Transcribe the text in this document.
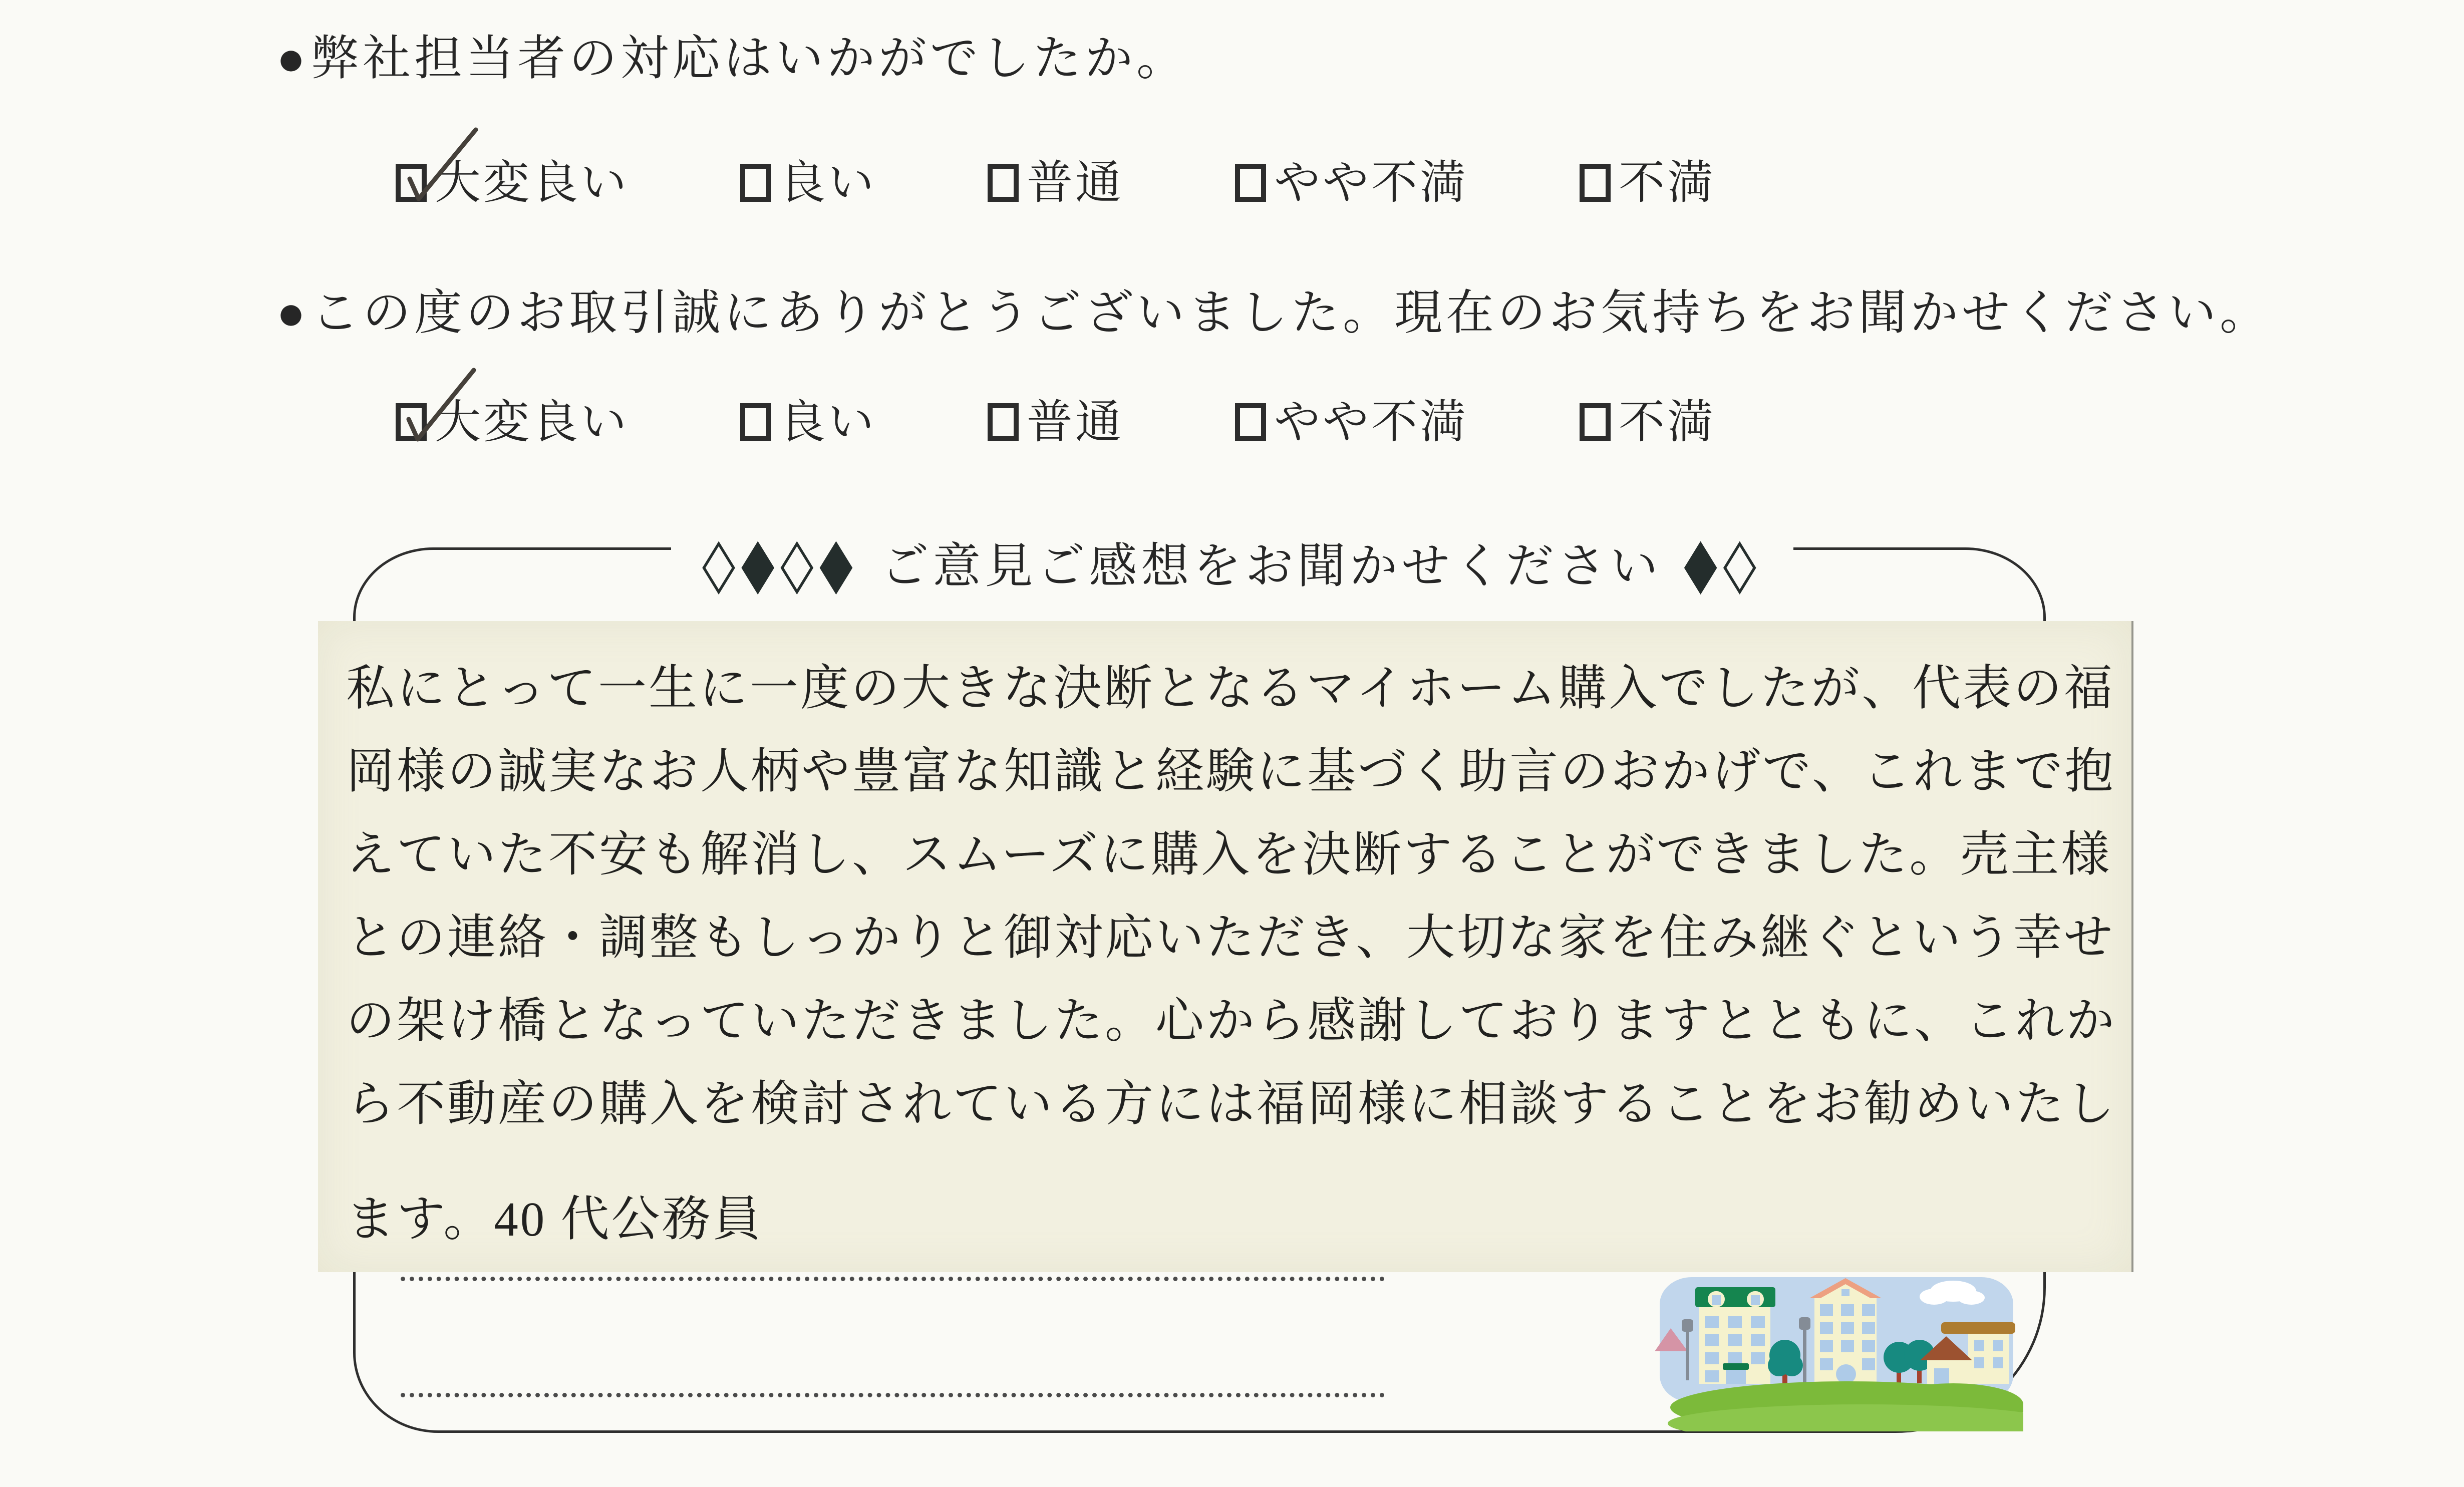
● 弊社担当者の対応はいかがでしたか。
大変良い	良い	普通	やや不満	不満
● この度のお取引誠にありがとうございました。現在のお気持ちをお聞かせください。
大変良い	良い	普通	やや不満	不満
◇◆◇◆ ご意見ご感想をお聞かせください ◆◇
私にとって一生に一度の大きな決断となるマイホーム購入でしたが、代表の福
岡様の誠実なお人柄や豊富な知識と経験に基づく助言のおかげで、これまで抱
えていた不安も解消し、スムーズに購入を決断することができました。売主様
との連絡・調整もしっかりと御対応いただき、大切な家を住み継ぐという幸せ
の架け橋となっていただきました。心から感謝しておりますとともに、これか
ら不動産の購入を検討されている方には福岡様に相談することをお勧めいたし
ます。40 代公務員
